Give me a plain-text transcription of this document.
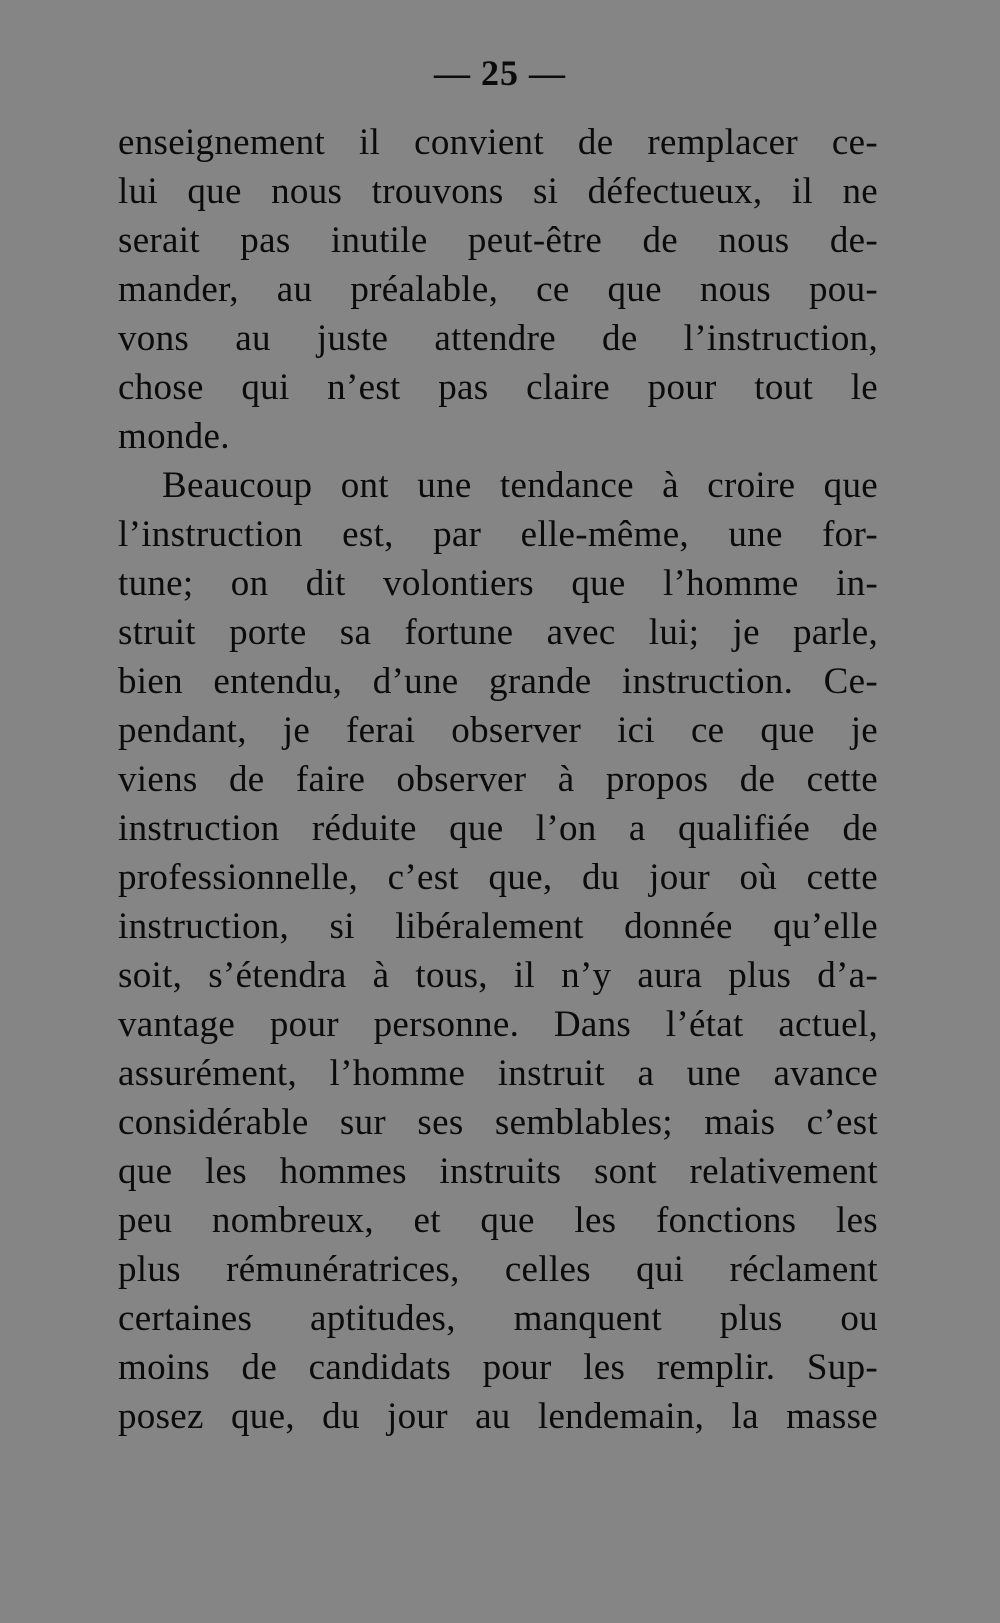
— 25 —
enseignement il convient de remplacer ce-
lui que nous trouvons si défectueux, il ne
serait pas inutile peut-être de nous de-
mander, au préalable, ce que nous pou-
vons au juste attendre de l’instruction,
chose qui n’est pas claire pour tout le
monde.
Beaucoup ont une tendance à croire que
l’instruction est, par elle-même, une for-
tune; on dit volontiers que l’homme in-
struit porte sa fortune avec lui; je parle,
bien entendu, d’une grande instruction. Ce-
pendant, je ferai observer ici ce que je
viens de faire observer à propos de cette
instruction réduite que l’on a qualifiée de
professionnelle, c’est que, du jour où cette
instruction, si libéralement donnée qu’elle
soit, s’étendra à tous, il n’y aura plus d’a-
vantage pour personne. Dans l’état actuel,
assurément, l’homme instruit a une avance
considérable sur ses semblables; mais c’est
que les hommes instruits sont relativement
peu nombreux, et que les fonctions les
plus rémunératrices, celles qui réclament
certaines aptitudes, manquent plus ou
moins de candidats pour les remplir. Sup-
posez que, du jour au lendemain, la masse
